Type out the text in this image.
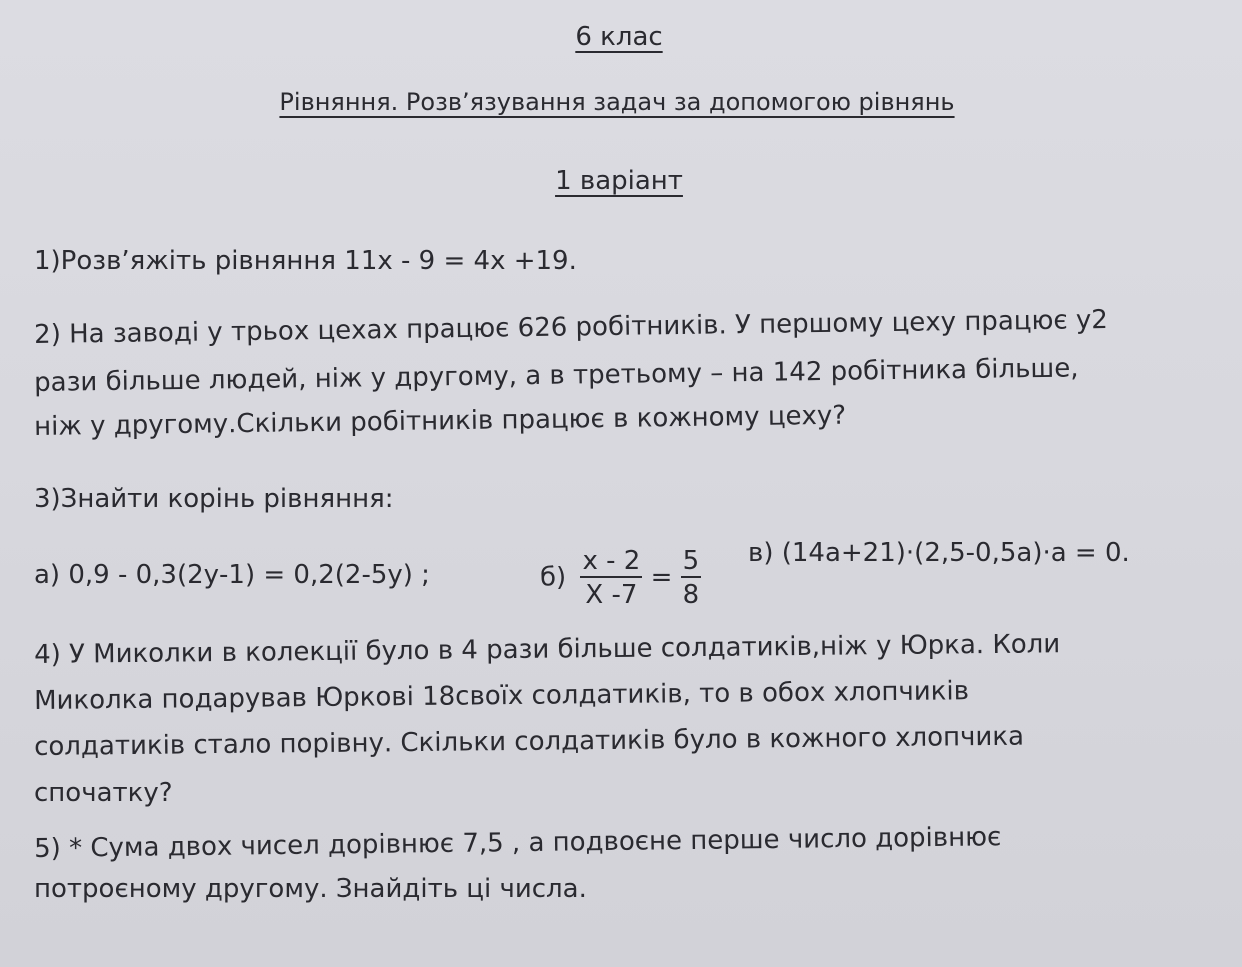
6 клас
Рівняння. Розв’язування задач за допомогою рівнянь
1 варіант
1)Розв’яжіть рівняння 11х - 9 = 4х +19.
2) На заводі у трьох цехах працює 626 робітників. У першому цеху працює у2
рази більше людей, ніж у другому, а в третьому – на 142 робітника більше,
ніж у другому.Скільки робітників працює в кожному цеху?
3)Знайти корінь рівняння:
а) 0,9 - 0,3(2у-1) = 0,2(2-5у) ;	$б) \frac{х - 2}{Х -7} = \frac{5}{8} в$) (14а+21)·(2,5-0,5а)·а = 0.
4) У Миколки в колекції було в 4 рази більше солдатиків,ніж у Юрка. Коли
Миколка подарував Юркові 18своїх солдатиків, то в обох хлопчиків
солдатиків стало порівну. Скільки солдатиків було в кожного хлопчика
спочатку?
5) * Сума двох чисел дорівнює 7,5 , а подвоєне перше число дорівнює
потроєному другому. Знайдіть ці числа.
